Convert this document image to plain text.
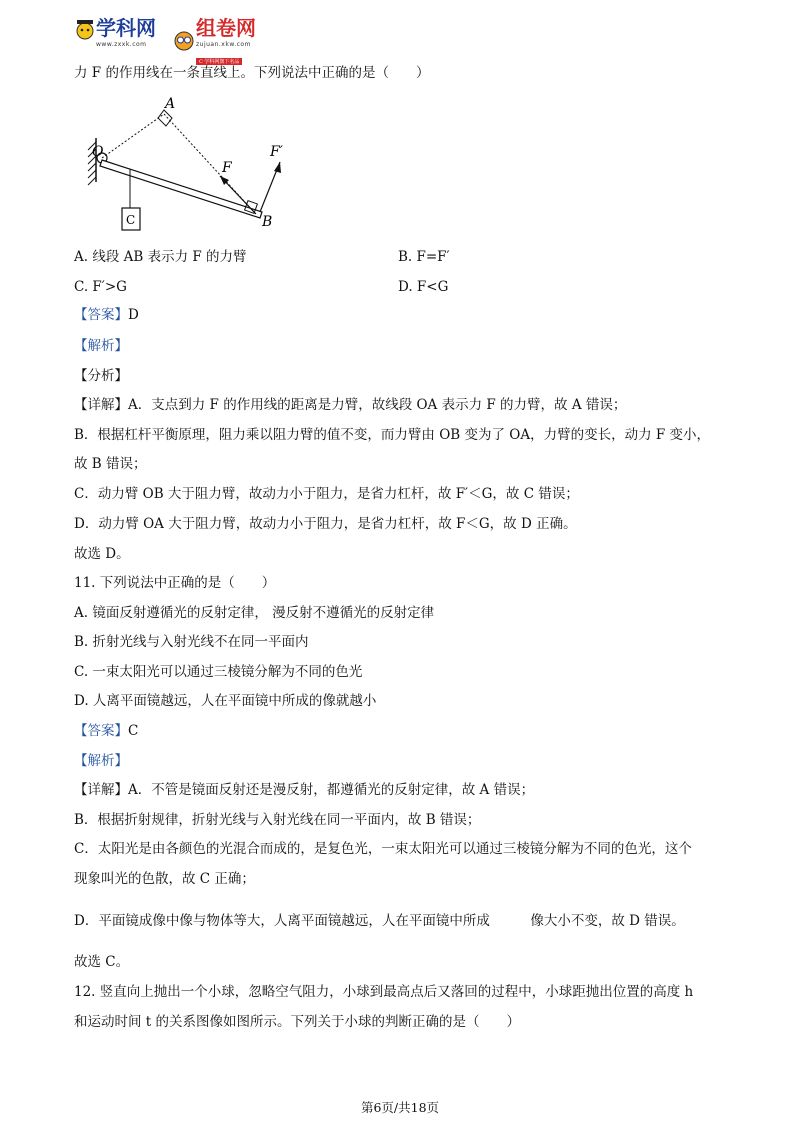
学科网
www.zxxk.com
组卷网
zujuan.xkw.com
C 学科网旗下名品
力 F 的作用线在一条直线上。下列说法中正确的是（　　）
A
O
F
F′
B
C
A. 线段 AB 表示力 F 的力臂	B. F=F′
C. F′>G	D. F<G
【答案】D
【解析】
【分析】
【详解】A．支点到力 F 的作用线的距离是力臂，故线段 OA 表示力 F 的力臂，故 A 错误；
B．根据杠杆平衡原理，阻力乘以阻力臂的值不变，而力臂由 OB 变为了 OA，力臂的变长，动力 F 变小，
故 B 错误；
C．动力臂 OB 大于阻力臂，故动力小于阻力，是省力杠杆，故 F′＜G，故 C 错误；
D．动力臂 OA 大于阻力臂，故动力小于阻力，是省力杠杆，故 F＜G，故 D 正确。
故选 D。
11. 下列说法中正确的是（　　）
A. 镜面反射遵循光的反射定律， 漫反射不遵循光的反射定律
B. 折射光线与入射光线不在同一平面内
C. 一束太阳光可以通过三棱镜分解为不同的色光
D. 人离平面镜越远，人在平面镜中所成的像就越小
【答案】C
【解析】
【详解】A．不管是镜面反射还是漫反射，都遵循光的反射定律，故 A 错误；
B．根据折射规律，折射光线与入射光线在同一平面内，故 B 错误；
C．太阳光是由各颜色的光混合而成的，是复色光，一束太阳光可以通过三棱镜分解为不同的色光，这个
现象叫光的色散，故 C 正确；
D．平面镜成像中像与物体等大，人离平面镜越远，人在平面镜中所成　　　像大小不变，故 D 错误。
故选 C。
12. 竖直向上抛出一个小球，忽略空气阻力，小球到最高点后又落回的过程中，小球距抛出位置的高度 h
和运动时间 t 的关系图像如图所示。下列关于小球的判断正确的是（　　）
第6页/共18页
